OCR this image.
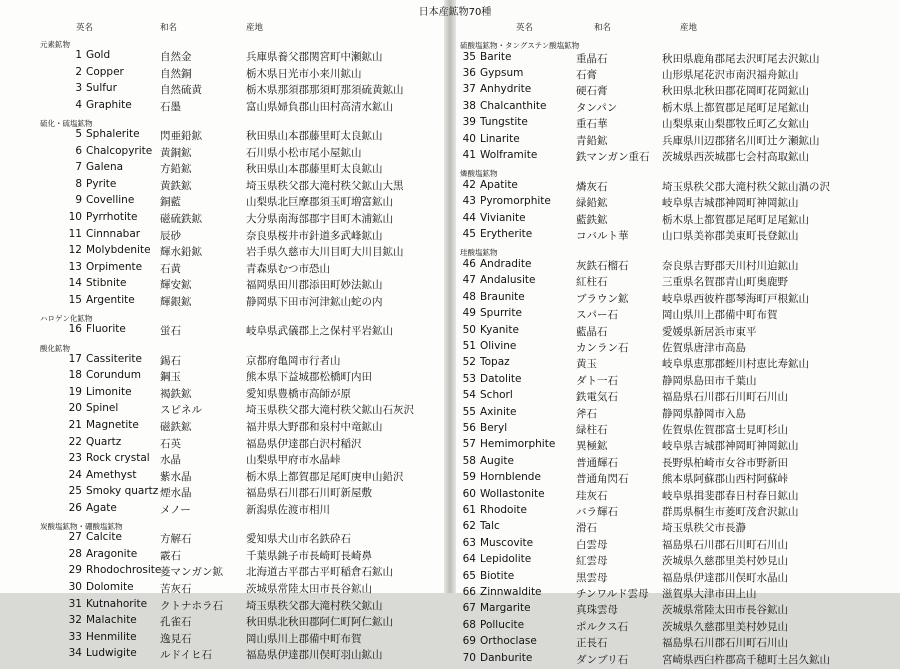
日本産鉱物70種
英名	和名	産地	英名	和名	産地
元素鉱物
1 Gold	自然金	兵庫県養父郡関宮町中瀬鉱山
2 Copper	自然銅	栃木県日光市小来川鉱山
3 Sulfur	自然硫黄	栃木県那須郡那須町那須硫黄鉱山
4 Graphite	石墨	富山県婦負郡山田村高清水鉱山
硫化・硫塩鉱物
5 Sphalerite 閃亜鉛鉱	秋田県山本郡藤里町太良鉱山
6 Chalcopyrite 黄銅鉱	石川県小松市尾小屋鉱山
7 Galena	方鉛鉱	秋田県山本郡藤里町太良鉱山
8 Pyrite	黄鉄鉱	埼玉県秩父郡大滝村秩父鉱山大黒
9 Covelline 銅藍	山梨県北巨摩郡須玉町増富鉱山
10 Pyrrhotite 磁硫鉄鉱	大分県南海部郡宇目町木浦鉱山
11 Cinnnabar 辰砂	奈良県桜井市針道多武峰鉱山
12 Molybdenite 輝水鉛鉱	岩手県久慈市大川目町大川目鉱山
13 Orpimente 石黄	青森県むつ市恐山
14 Stibnite	輝安鉱	福岡県田川郡添田町妙法鉱山
15 Argentite 輝銀鉱	静岡県下田市河津鉱山蛇の内
ハロゲン化鉱物
16 Fluorite	蛍石	岐阜県武儀郡上之保村平岩鉱山
酸化鉱物
17 Cassiterite 錫石	京都府亀岡市行者山
18 Corundum 鋼玉	熊本県下益城郡松橋町内田
19 Limonite	褐鉄鉱	愛知県豊橋市高師が原
20 Spinel	スピネル	埼玉県秩父郡大滝村秩父鉱山石灰沢
21 Magnetite 磁鉄鉱	福井県大野郡和泉村中竜鉱山
22 Quartz	石英	福島県伊達郡白沢村稲沢
23 Rock crystal 水晶	山梨県甲府市水晶峠
24 Amethyst 紫水晶	栃木県上都賀郡足尾町庚申山鉛沢
25 Smoky quartz 煙水晶	福島県石川郡石川町新屋敷
26 Agate	メノー	新潟県佐渡市相川
炭酸塩鉱物・硼酸塩鉱物
27 Calcite	方解石	愛知県犬山市名鉄砕石
28 Aragonite 霰石	千葉県銚子市長崎町長崎鼻
29 Rhodochrosite
菱マンガン鉱 北海道古平郡古平町稲倉石鉱山
30 Dolomite	苦灰石	茨城県常陸太田市長谷鉱山
31 Kutnahorite クトナホラ石 埼玉県秩父郡大滝村秩父鉱山
32 Malachite 孔雀石	秋田県北秋田郡阿仁町阿仁鉱山
33 Henmilite 逸見石	岡山県川上郡備中町布賀
34 Ludwigite ルドイヒ石	福島県伊達郡川俣町羽山鉱山
硫酸塩鉱物・タングステン酸塩鉱物
35 Barite	重晶石	秋田県鹿角郡尾去沢町尾去沢鉱山
36 Gypsum	石膏	山形県尾花沢市南沢福舟鉱山
37 Anhydrite	硬石膏	秋田県北秋田郡花岡町花岡鉱山
38 Chalcanthite	タンパン	栃木県上都賀郡足尾町足尾鉱山
39 Tungstite	重石華	山梨県東山梨郡牧丘町乙女鉱山
40 Linarite	青鉛鉱	兵庫県川辺郡猪名川町辻ケ瀬鉱山
41 Wolframite	鉄マンガン重石 茨城県西茨城郡七会村高取鉱山
燐酸塩鉱物
42 Apatite	燐灰石	埼玉県秩父郡大滝村秩父鉱山渦の沢
43 Pyromorphite 緑鉛鉱	岐阜県吉城郡神岡町神岡鉱山
44 Vivianite	藍鉄鉱	栃木県上都賀郡足尾町足尾鉱山
45 Erytherite	コバルト華	山口県美祢郡美東町長登鉱山
珪酸塩鉱物
46 Andradite	灰鉄石榴石	奈良県吉野郡天川村川迫鉱山
47 Andalusite	紅柱石	三重県名賀郡青山町奥鹿野
48 Braunite	ブラウン鉱	岐阜県西彼杵郡琴海町戸根鉱山
49 Spurrite	スパー石	岡山県川上郡備中町布賀
50 Kyanite	藍晶石	愛媛県新居浜市東平
51 Olivine	カンラン石	佐賀県唐津市高島
52 Topaz	黄玉	岐阜県恵那郡蛭川村恵比寿鉱山
53 Datolite	ダト一石	静岡県島田市千葉山
54 Schorl	鉄電気石	福島県石川郡石川町石川山
55 Axinite	斧石	静岡県静岡市入島
56 Beryl	緑柱石	佐賀県佐賀郡富士見町杉山
57 Hemimorphite 異極鉱	岐阜県吉城郡神岡町神岡鉱山
58 Augite	普通輝石	長野県柏崎市女谷市野新田
59 Hornblende	普通角閃石	熊本県阿蘇郡山西村阿蘇峠
60 Wollastonite	珪灰石	岐阜県揖斐郡春日村春日鉱山
61 Rhodoite	バラ輝石	群馬県桐生市菱町茂倉沢鉱山
62 Talc	滑石	埼玉県秩父市長瀞
63 Muscovite	白雲母	福島県石川郡石川町石川山
64 Lepidolite	紅雲母	茨城県久慈郡里美村妙見山
65 Biotite	黒雲母	福島県伊達郡川俣町水晶山
66 Zinnwaldite	チンワルド雲母 滋賀県大津市田上山
67 Margarite	真珠雲母	茨城県常陸太田市長谷鉱山
68 Pollucite	ポルクス石	茨城県久慈郡里美村妙見山
69 Orthoclase	正長石	福島県石川郡石川町石川山
70 Danburite	ダンブリ石	宮崎県西臼杵郡高千穂町土呂久鉱山
